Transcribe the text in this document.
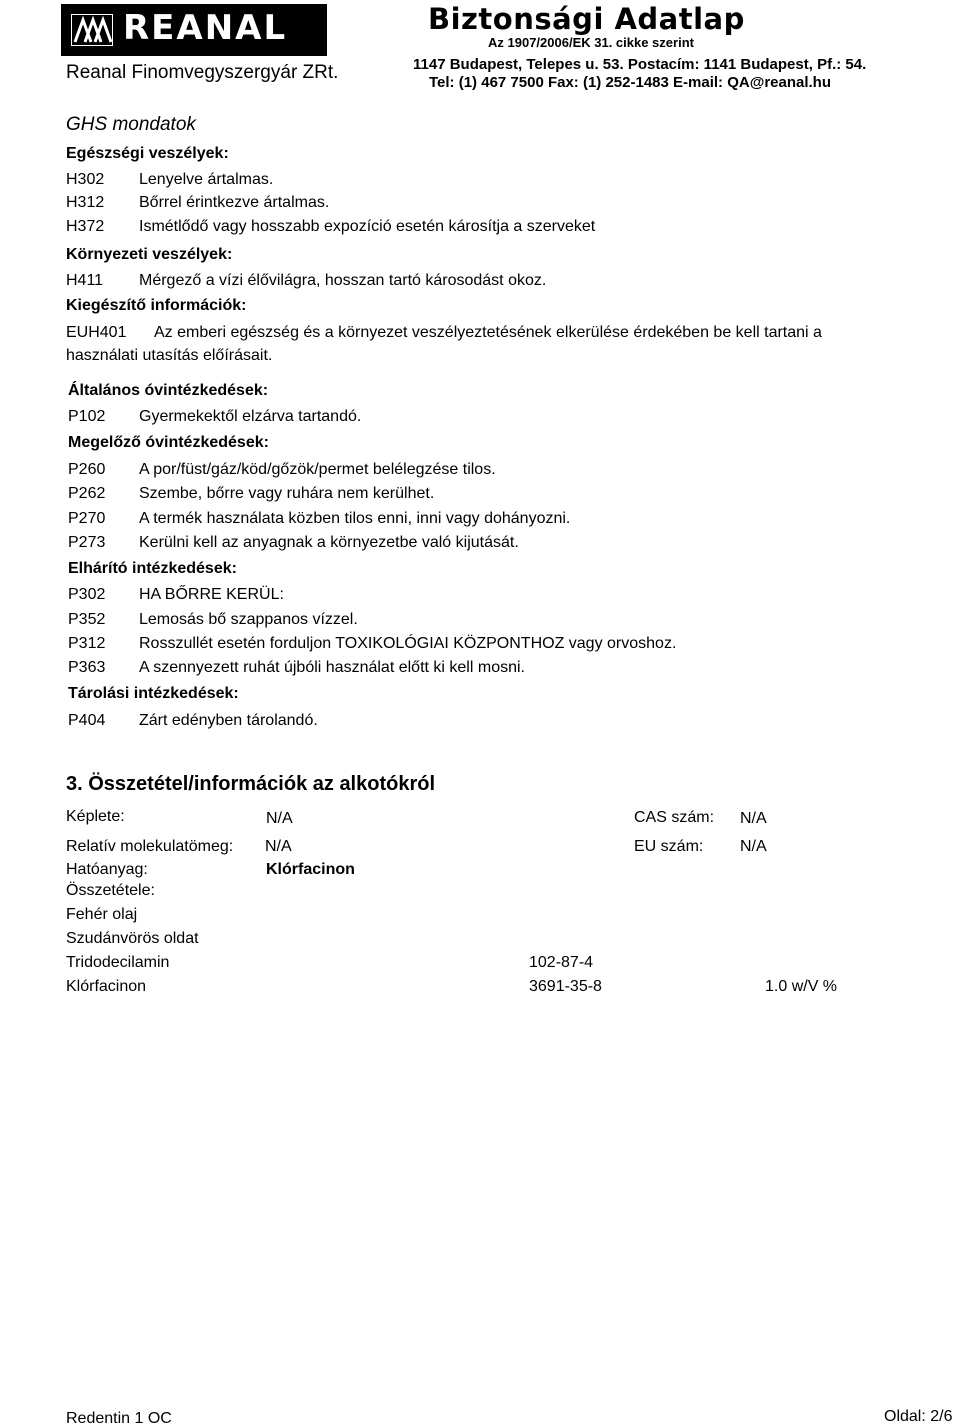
REANAL
Reanal Finomvegyszergyár ZRt.
Biztonsági Adatlap
Az 1907/2006/EK 31. cikke szerint
1147 Budapest, Telepes u. 53. Postacím: 1141 Budapest, Pf.: 54.
Tel: (1) 467 7500 Fax: (1) 252-1483 E-mail: QA@reanal.hu
GHS mondatok
Egészségi veszélyek:
H302 Lenyelve ártalmas.
H312 Bőrrel érintkezve ártalmas.
H372 Ismétlődő vagy hosszabb expozíció esetén károsítja a szerveket
Környezeti veszélyek:
H411 Mérgező a vízi élővilágra, hosszan tartó károsodást okoz.
Kiegészítő információk:
EUH401 Az emberi egészség és a környezet veszélyeztetésének elkerülése érdekében be kell tartani a
használati utasítás előírásait.
Általános óvintézkedések:
P102 Gyermekektől elzárva tartandó.
Megelőző óvintézkedések:
P260 A por/füst/gáz/köd/gőzök/permet belélegzése tilos.
P262 Szembe, bőrre vagy ruhára nem kerülhet.
P270 A termék használata közben tilos enni, inni vagy dohányozni.
P273 Kerülni kell az anyagnak a környezetbe való kijutását.
Elhárító intézkedések:
P302 HA BŐRRE KERÜL:
P352 Lemosás bő szappanos vízzel.
P312 Rosszullét esetén forduljon TOXIKOLÓGIAI KÖZPONTHOZ vagy orvoshoz.
P363 A szennyezett ruhát újbóli használat előtt ki kell mosni.
Tárolási intézkedések:
P404 Zárt edényben tárolandó.
3. Összetétel/információk az alkotókról
Képlete:	N/A	CAS szám: N/A
Relatív molekulatömeg: N/A	EU szám: N/A
Hatóanyag:	Klórfacinon
Összetétele:
Fehér olaj
Szudánvörös oldat
Tridodecilamin	102-87-4
Klórfacinon	3691-35-8	1.0 w/V %
Redentin 1 OC	Oldal: 2/6
